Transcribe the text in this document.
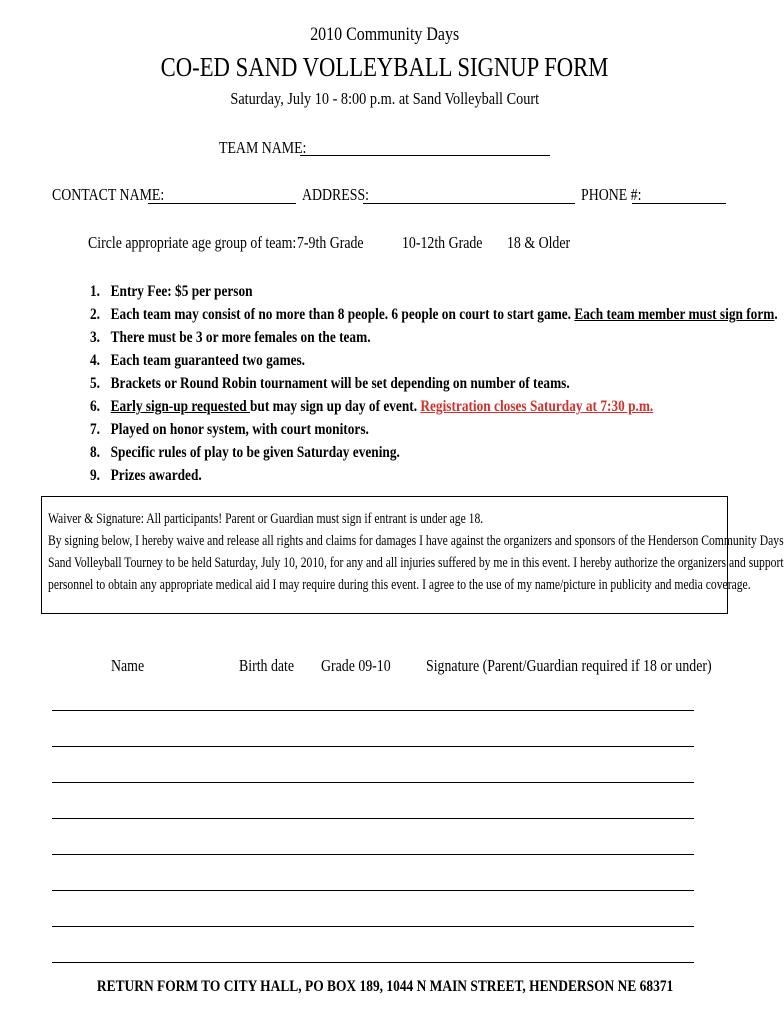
2010 Community Days
CO-ED SAND VOLLEYBALL SIGNUP FORM
Saturday, July 10 - 8:00 p.m. at Sand Volleyball Court
TEAM NAME:
CONTACT NAME:	ADDRESS:	PHONE #:
Circle appropriate age group of team: 7-9th Grade	10-12th Grade	18 & Older
1. Entry Fee: $5 per person
2. Each team may consist of no more than 8 people. 6 people on court to start game. Each team member must sign form.
3. There must be 3 or more females on the team.
4. Each team guaranteed two games.
5. Brackets or Round Robin tournament will be set depending on number of teams.
6. Early sign-up requested but may sign up day of event. Registration closes Saturday at 7:30 p.m.
7. Played on honor system, with court monitors.
8. Specific rules of play to be given Saturday evening.
9. Prizes awarded.
Waiver & Signature: All participants! Parent or Guardian must sign if entrant is under age 18.
By signing below, I hereby waive and release all rights and claims for damages I have against the organizers and sponsors of the Henderson Community Days
Sand Volleyball Tourney to be held Saturday, July 10, 2010, for any and all injuries suffered by me in this event. I hereby authorize the organizers and support
personnel to obtain any appropriate medical aid I may require during this event. I agree to the use of my name/picture in publicity and media coverage.
Name	Birth date	Grade 09-10	Signature (Parent/Guardian required if 18 or under)
RETURN FORM TO CITY HALL, PO BOX 189, 1044 N MAIN STREET, HENDERSON NE 68371
